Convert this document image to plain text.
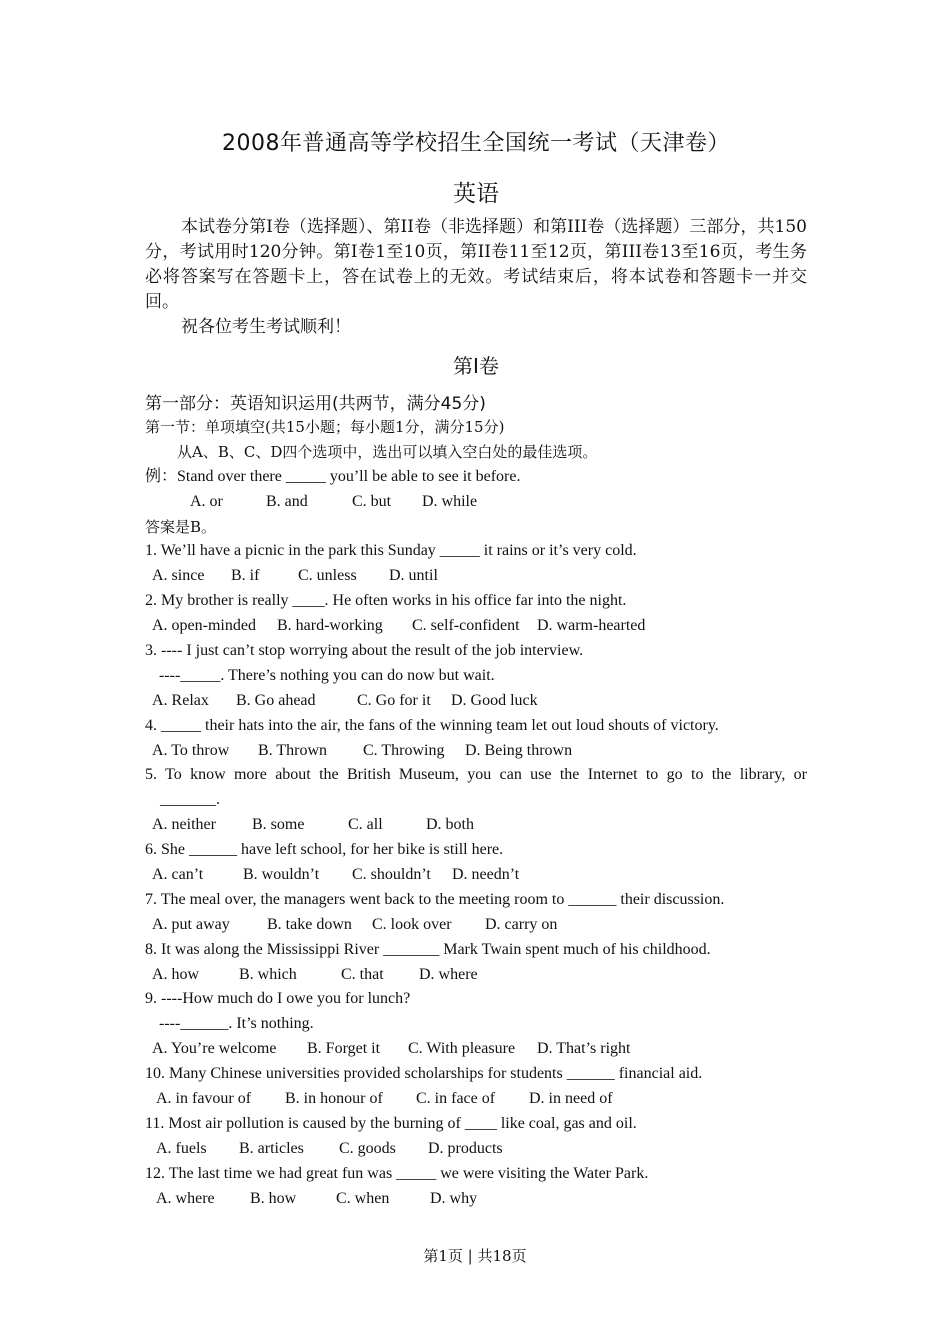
2008年普通高等学校招生全国统一考试（天津卷）
英语

本试卷分第I卷（选择题）、第II卷（非选择题）和第III卷（选择题）三部分，共150分，考试用时120分钟。第I卷1至10页，第II卷11至12页，第III卷13至16页，考生务必将答案写在答题卡上，答在试卷上的无效。考试结束后，将本试卷和答题卡一并交回。

祝各位考生考试顺利！

第I卷
第一部分：英语知识运用(共两节，满分45分)
第一节：单项填空(共15小题；每小题1分，满分15分)
从A、B、C、D四个选项中，选出可以填入空白处的最佳选项。
例：Stand over there _____ you’ll be able to see it before.
A. or	B. and	C. but	D. while
答案是B。
1. We’ll have a picnic in the park this Sunday _____ it rains or it’s very cold.
A. since	B. if	C. unless	D. until
2. My brother is really ____. He often works in his office far into the night.
A. open-minded	B. hard-working	C. self-confident	D. warm-hearted
3. ---- I just can’t stop worrying about the result of the job interview.
----_____. There’s nothing you can do now but wait.
A. Relax	B. Go ahead	C. Go for it	D. Good luck
4. _____ their hats into the air, the fans of the winning team let out loud shouts of victory.
A. To throw	B. Thrown	C. Throwing	D. Being thrown
5. To know more about the British Museum, you can use the Internet to go to the library, or
_______.
A. neither	B. some	C. all	D. both
6. She ______ have left school, for her bike is still here.
A. can’t	B. wouldn’t	C. shouldn’t	D. needn’t
7. The meal over, the managers went back to the meeting room to ______ their discussion.
A. put away	B. take down	C. look over	D. carry on
8. It was along the Mississippi River _______ Mark Twain spent much of his childhood.
A. how	B. which	C. that	D. where
9. ----How much do I owe you for lunch?
----______. It’s nothing.
A. You’re welcome	B. Forget it	C. With pleasure	D. That’s right
10. Many Chinese universities provided scholarships for students ______ financial aid.
A. in favour of	B. in honour of	C. in face of	D. in need of
11. Most air pollution is caused by the burning of ____ like coal, gas and oil.
A. fuels	B. articles	C. goods	D. products
12. The last time we had great fun was _____ we were visiting the Water Park.
A. where	B. how	C. when	D. why
第1页 | 共18页
